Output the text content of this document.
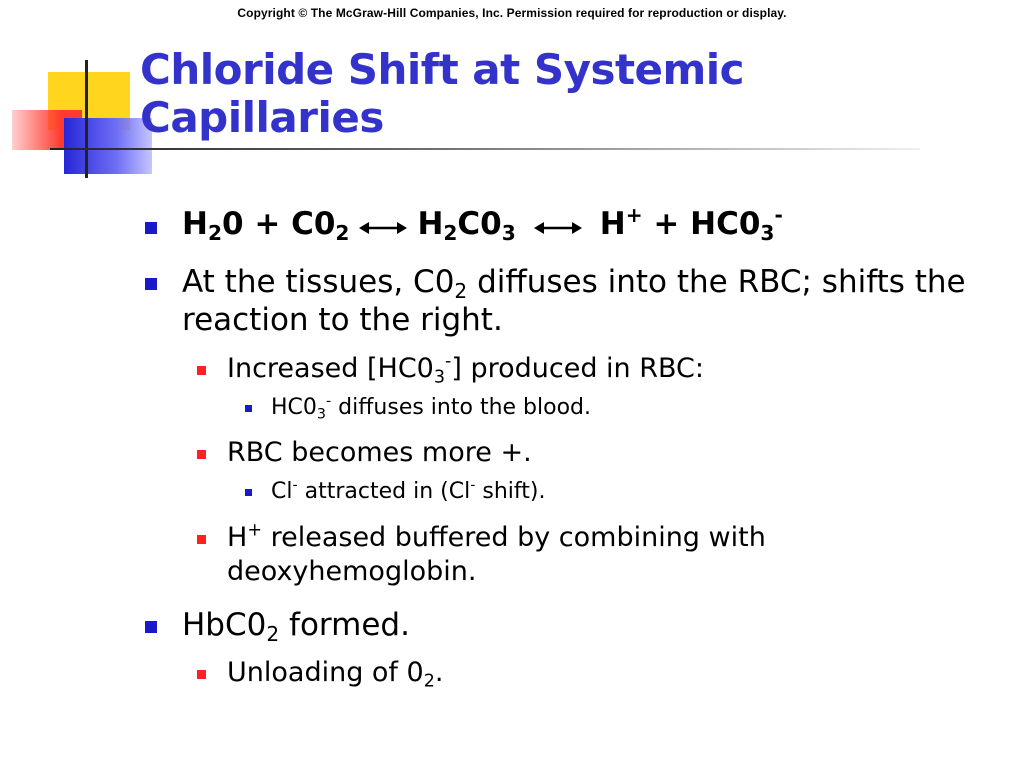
Copyright © The McGraw-Hill Companies, Inc. Permission required for reproduction or display.
Chloride Shift at Systemic Capillaries
$H_20 + C0_2$ $H_2C0_3$	$H^+ + HC0_3^-$
At the tissues, $C0_2$ diffuses into the RBC; shifts the reaction to the right.
Increased $[HC0_3^-]$ produced in RBC:
$HC0_3^-$ diffuses into the blood.
RBC becomes more +.
Cl- attracted in (Cl- shift).
H+ released buffered by combining with deoxyhemoglobin.
$HbC0_2$ formed.
Unloading of $0_2$.
